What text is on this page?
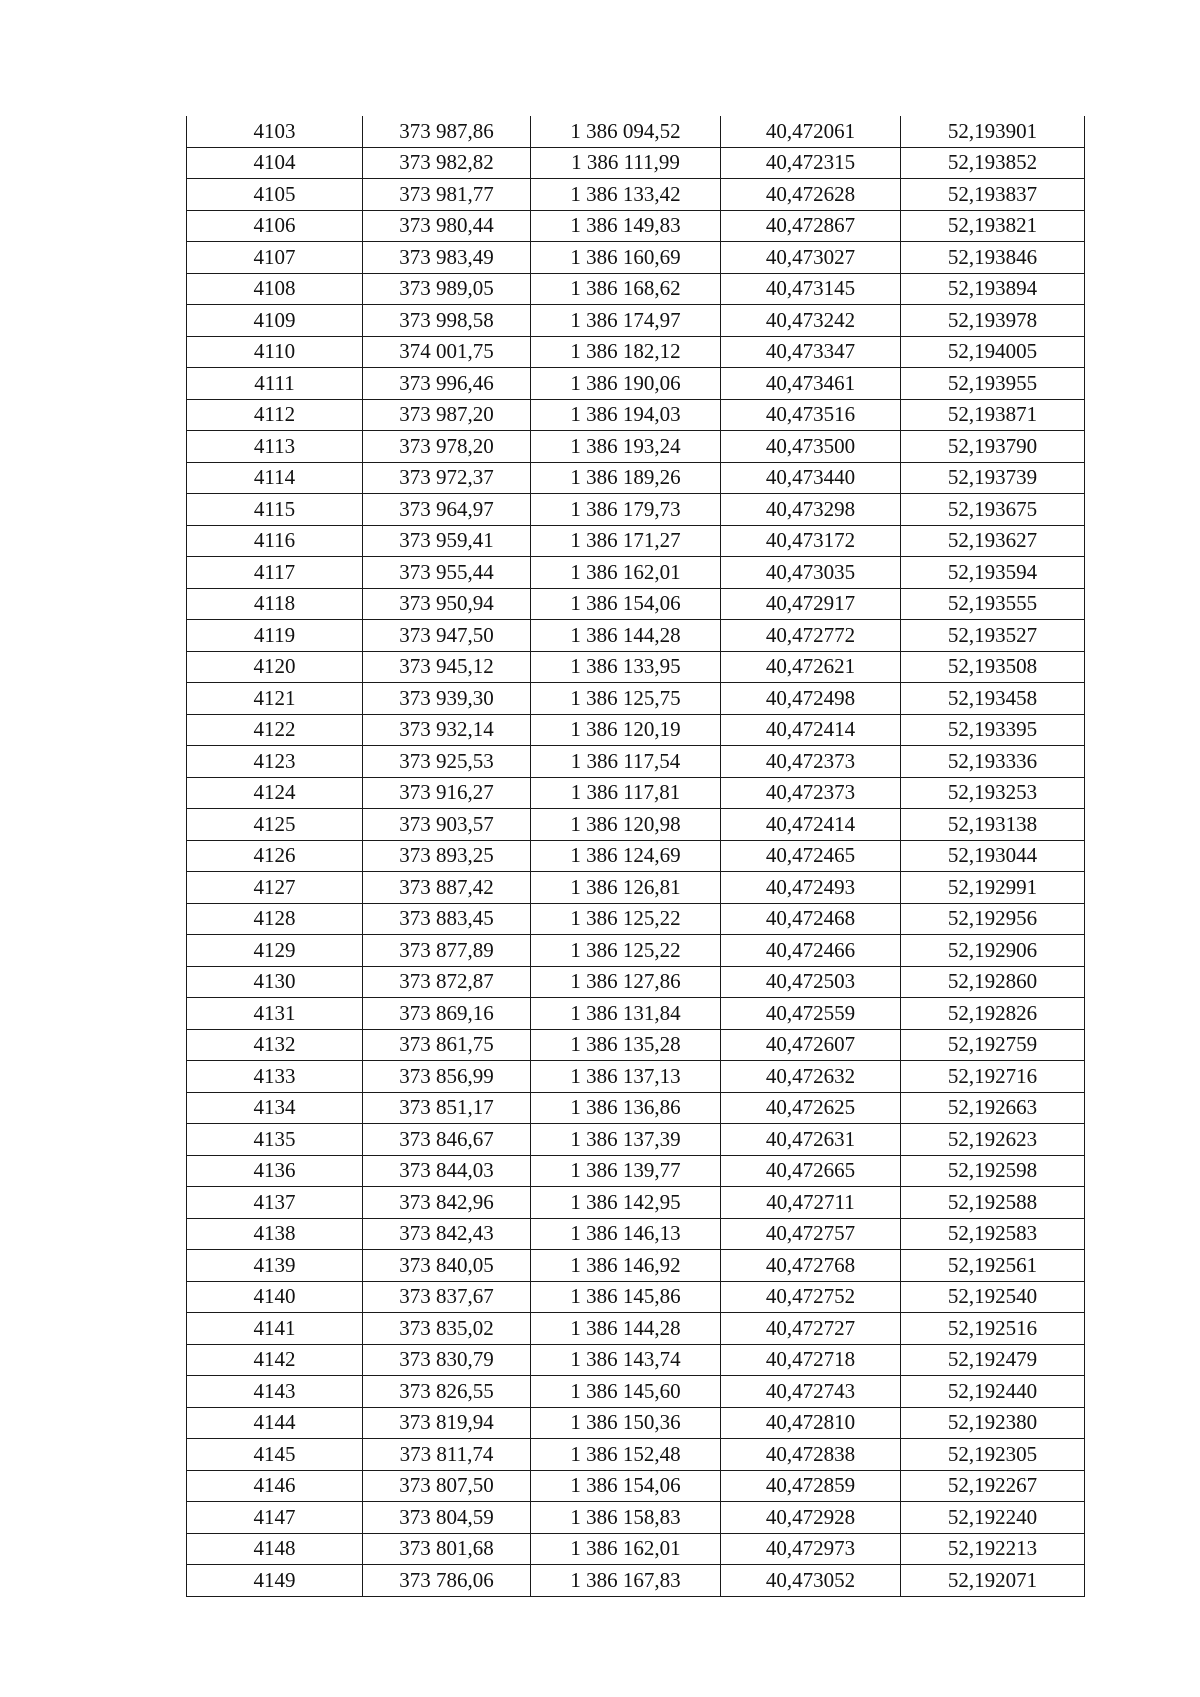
4103	373 987,86	1 386 094,52	40,472061	52,193901
4104	373 982,82	1 386 111,99	40,472315	52,193852
4105	373 981,77	1 386 133,42	40,472628	52,193837
4106	373 980,44	1 386 149,83	40,472867	52,193821
4107	373 983,49	1 386 160,69	40,473027	52,193846
4108	373 989,05	1 386 168,62	40,473145	52,193894
4109	373 998,58	1 386 174,97	40,473242	52,193978
4110	374 001,75	1 386 182,12	40,473347	52,194005
4111	373 996,46	1 386 190,06	40,473461	52,193955
4112	373 987,20	1 386 194,03	40,473516	52,193871
4113	373 978,20	1 386 193,24	40,473500	52,193790
4114	373 972,37	1 386 189,26	40,473440	52,193739
4115	373 964,97	1 386 179,73	40,473298	52,193675
4116	373 959,41	1 386 171,27	40,473172	52,193627
4117	373 955,44	1 386 162,01	40,473035	52,193594
4118	373 950,94	1 386 154,06	40,472917	52,193555
4119	373 947,50	1 386 144,28	40,472772	52,193527
4120	373 945,12	1 386 133,95	40,472621	52,193508
4121	373 939,30	1 386 125,75	40,472498	52,193458
4122	373 932,14	1 386 120,19	40,472414	52,193395
4123	373 925,53	1 386 117,54	40,472373	52,193336
4124	373 916,27	1 386 117,81	40,472373	52,193253
4125	373 903,57	1 386 120,98	40,472414	52,193138
4126	373 893,25	1 386 124,69	40,472465	52,193044
4127	373 887,42	1 386 126,81	40,472493	52,192991
4128	373 883,45	1 386 125,22	40,472468	52,192956
4129	373 877,89	1 386 125,22	40,472466	52,192906
4130	373 872,87	1 386 127,86	40,472503	52,192860
4131	373 869,16	1 386 131,84	40,472559	52,192826
4132	373 861,75	1 386 135,28	40,472607	52,192759
4133	373 856,99	1 386 137,13	40,472632	52,192716
4134	373 851,17	1 386 136,86	40,472625	52,192663
4135	373 846,67	1 386 137,39	40,472631	52,192623
4136	373 844,03	1 386 139,77	40,472665	52,192598
4137	373 842,96	1 386 142,95	40,472711	52,192588
4138	373 842,43	1 386 146,13	40,472757	52,192583
4139	373 840,05	1 386 146,92	40,472768	52,192561
4140	373 837,67	1 386 145,86	40,472752	52,192540
4141	373 835,02	1 386 144,28	40,472727	52,192516
4142	373 830,79	1 386 143,74	40,472718	52,192479
4143	373 826,55	1 386 145,60	40,472743	52,192440
4144	373 819,94	1 386 150,36	40,472810	52,192380
4145	373 811,74	1 386 152,48	40,472838	52,192305
4146	373 807,50	1 386 154,06	40,472859	52,192267
4147	373 804,59	1 386 158,83	40,472928	52,192240
4148	373 801,68	1 386 162,01	40,472973	52,192213
4149	373 786,06	1 386 167,83	40,473052	52,192071
